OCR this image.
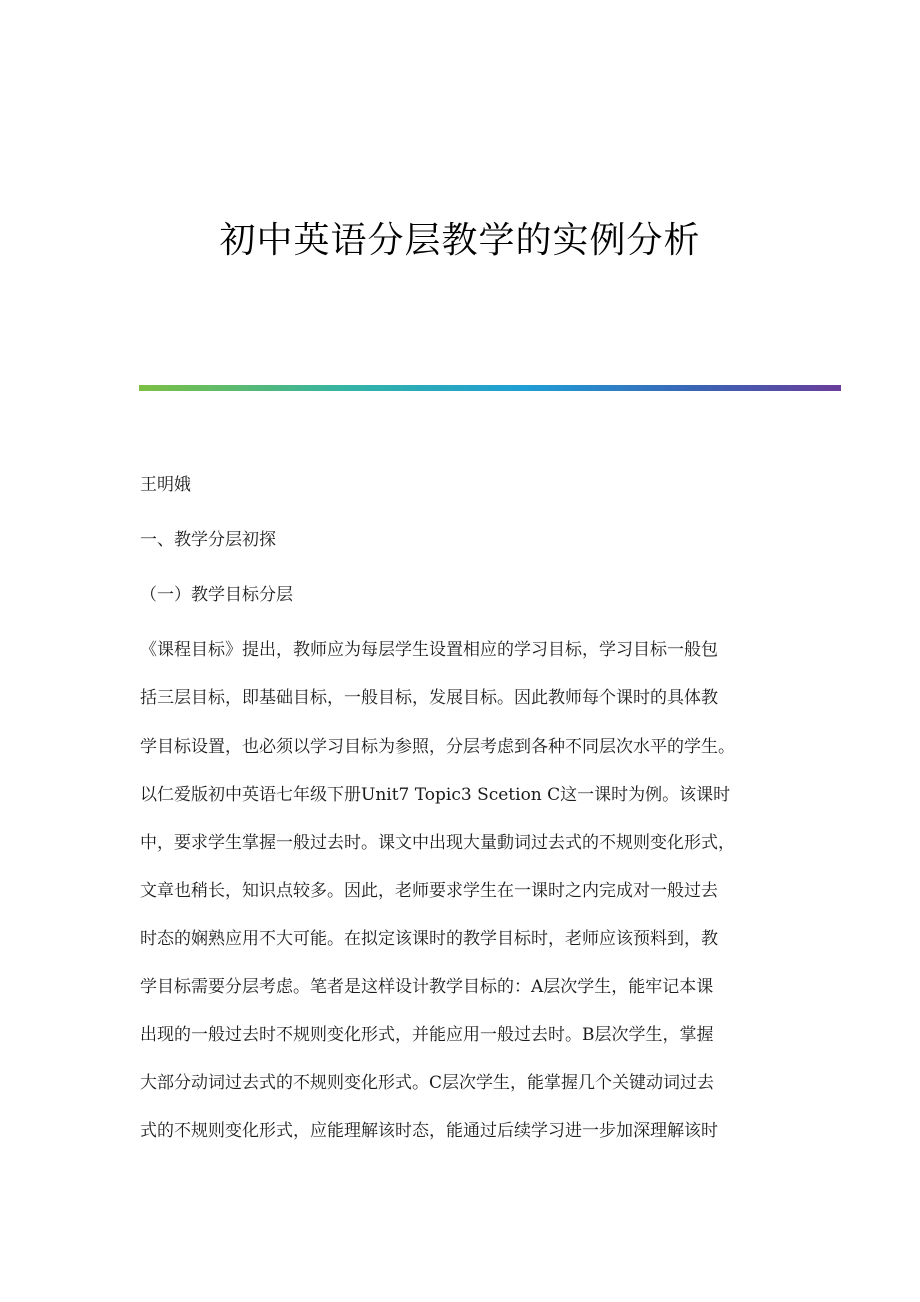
初中英语分层教学的实例分析

王明娥

一、教学分层初探

（一）教学目标分层

《课程目标》提出，教师应为每层学生设置相应的学习目标，学习目标一般包

括三层目标，即基础目标，一般目标，发展目标。因此教师每个课时的具体教

学目标设置，也必须以学习目标为参照，分层考虑到各种不同层次水平的学生。

以仁爱版初中英语七年级下册Unit7 Topic3 Scetion C这一课时为例。该课时

中，要求学生掌握一般过去时。课文中出现大量動词过去式的不规则变化形式，

文章也稍长，知识点较多。因此，老师要求学生在一课时之内完成对一般过去

时态的娴熟应用不大可能。在拟定该课时的教学目标时，老师应该预料到，教

学目标需要分层考虑。笔者是这样设计教学目标的：A层次学生，能牢记本课

出现的一般过去时不规则变化形式，并能应用一般过去时。B层次学生，掌握

大部分动词过去式的不规则变化形式。C层次学生，能掌握几个关键动词过去

式的不规则变化形式，应能理解该时态，能通过后续学习进一步加深理解该时
